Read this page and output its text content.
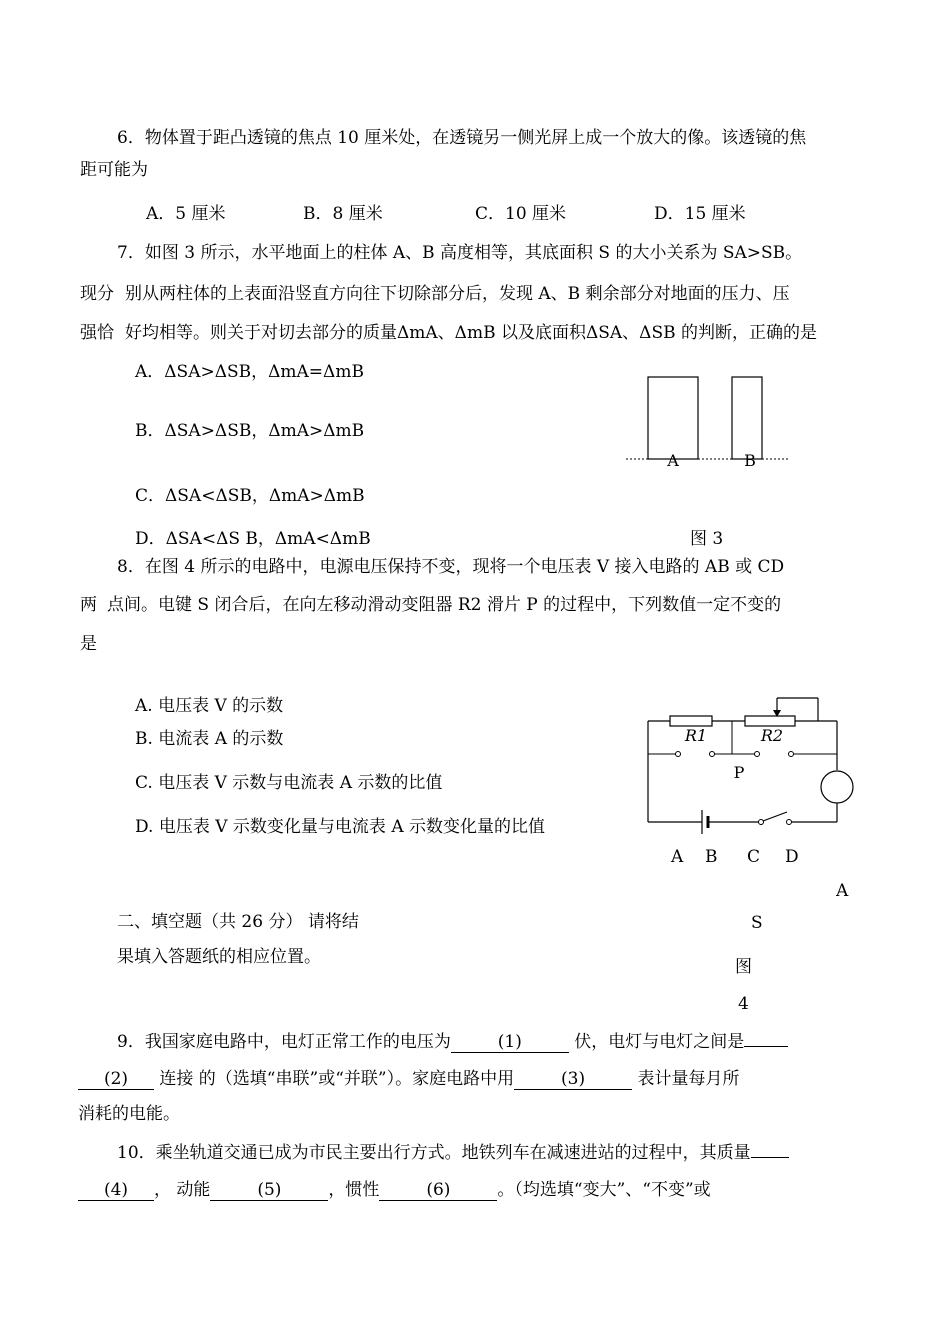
6．物体置于距凸透镜的焦点 10 厘米处，在透镜另一侧光屏上成一个放大的像。该透镜的焦
距可能为
A．5 厘米	B．8 厘米	C．10 厘米	D．15 厘米
7．如图 3 所示，水平地面上的柱体 A、B 高度相等，其底面积 S 的大小关系为 SA>SB。
现分 别从两柱体的上表面沿竖直方向往下切除部分后，发现 A、B 剩余部分对地面的压力、压
强恰 好均相等。则关于对切去部分的质量ΔmA、ΔmB 以及底面积ΔSA、ΔSB 的判断，正确的是
A．ΔSA>ΔSB，ΔmA=ΔmB
B．ΔSA>ΔSB，ΔmA>ΔmB
C．ΔSA<ΔSB，ΔmA>ΔmB
D．ΔSA<ΔS B，ΔmA<ΔmB
A	B
图 3
8．在图 4 所示的电路中，电源电压保持不变，现将一个电压表 V 接入电路的 AB 或 CD
两 点间。电键 S 闭合后，在向左移动滑动变阻器 R2 滑片 P 的过程中，下列数值一定不变的
是
A. 电压表 V 的示数
B. 电流表 A 的示数
C. 电压表 V 示数与电流表 A 示数的比值
D. 电压表 V 示数变化量与电流表 A 示数变化量的比值
R1	R2
P
A B C D
A
S
图
4
二、填空题（共 26 分） 请将结
果填入答题纸的相应位置。
9．我国家庭电路中，电灯正常工作的电压为	(1)	伏，电灯与电灯之间是
(2) 连接 的（选填“串联”或“并联”）。家庭电路中用	(3)	表计量每月所
消耗的电能。
10．乘坐轨道交通已成为市民主要出行方式。地铁列车在减速进站的过程中，其质量
(4) ， 动能	(5)	，惯性	(6)	。（均选填“变大”、“不变”或
